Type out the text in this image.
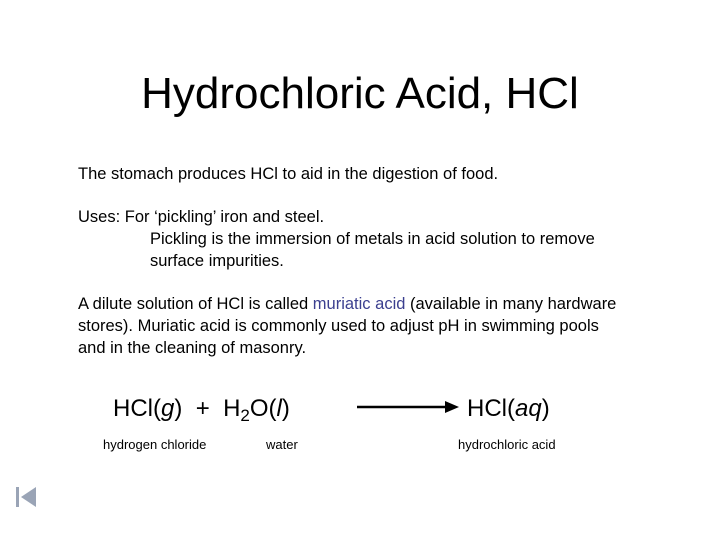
Hydrochloric Acid, HCl
The stomach produces HCl to aid in the digestion of food.
Uses: For ‘pickling’ iron and steel.
Pickling is the immersion of metals in acid solution to remove
surface impurities.
A dilute solution of HCl is called muriatic acid (available in many hardware
stores). Muriatic acid is commonly used to adjust pH in swimming pools
and in the cleaning of masonry.
$HCl(g) + H_2O(l)$	HCl(aq)
hydrogen chloride	water	hydrochloric acid
